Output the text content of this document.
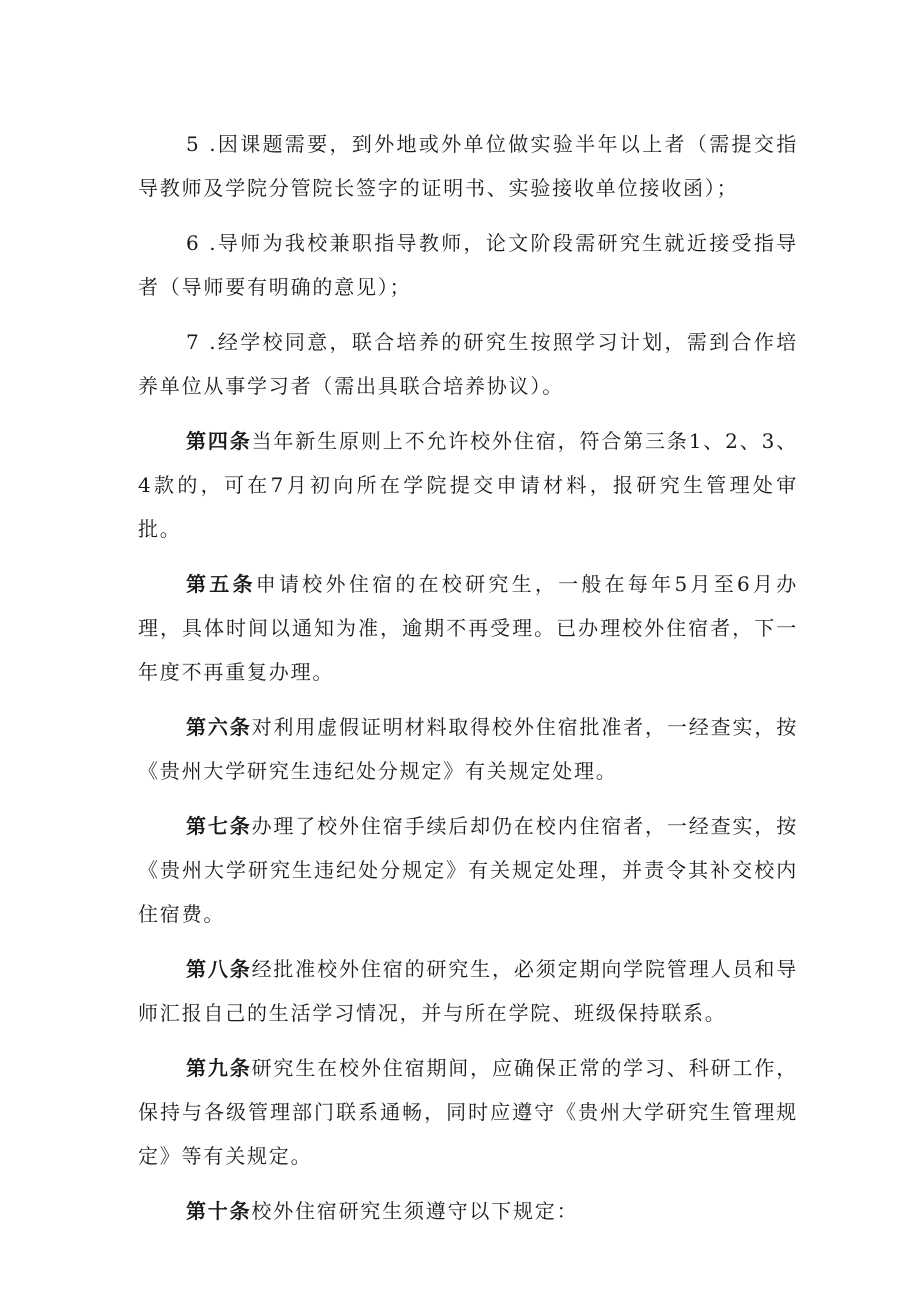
5 .因课题需要，到外地或外单位做实验半年以上者（需提交指导教师及学院分管院长签字的证明书、实验接收单位接收函）；

6 .导师为我校兼职指导教师，论文阶段需研究生就近接受指导者（导师要有明确的意见）；

7 .经学校同意，联合培养的研究生按照学习计划，需到合作培养单位从事学习者（需出具联合培养协议）。

第四条当年新生原则上不允许校外住宿，符合第三条1、2、3、4款的，可在7月初向所在学院提交申请材料，报研究生管理处审批。

第五条申请校外住宿的在校研究生，一般在每年5月至6月办理，具体时间以通知为准，逾期不再受理。已办理校外住宿者，下一年度不再重复办理。

第六条对利用虚假证明材料取得校外住宿批准者，一经查实，按《贵州大学研究生违纪处分规定》有关规定处理。

第七条办理了校外住宿手续后却仍在校内住宿者，一经查实，按《贵州大学研究生违纪处分规定》有关规定处理，并责令其补交校内住宿费。

第八条经批准校外住宿的研究生，必须定期向学院管理人员和导师汇报自己的生活学习情况，并与所在学院、班级保持联系。

第九条研究生在校外住宿期间，应确保正常的学习、科研工作，保持与各级管理部门联系通畅，同时应遵守《贵州大学研究生管理规定》等有关规定。

第十条校外住宿研究生须遵守以下规定：
